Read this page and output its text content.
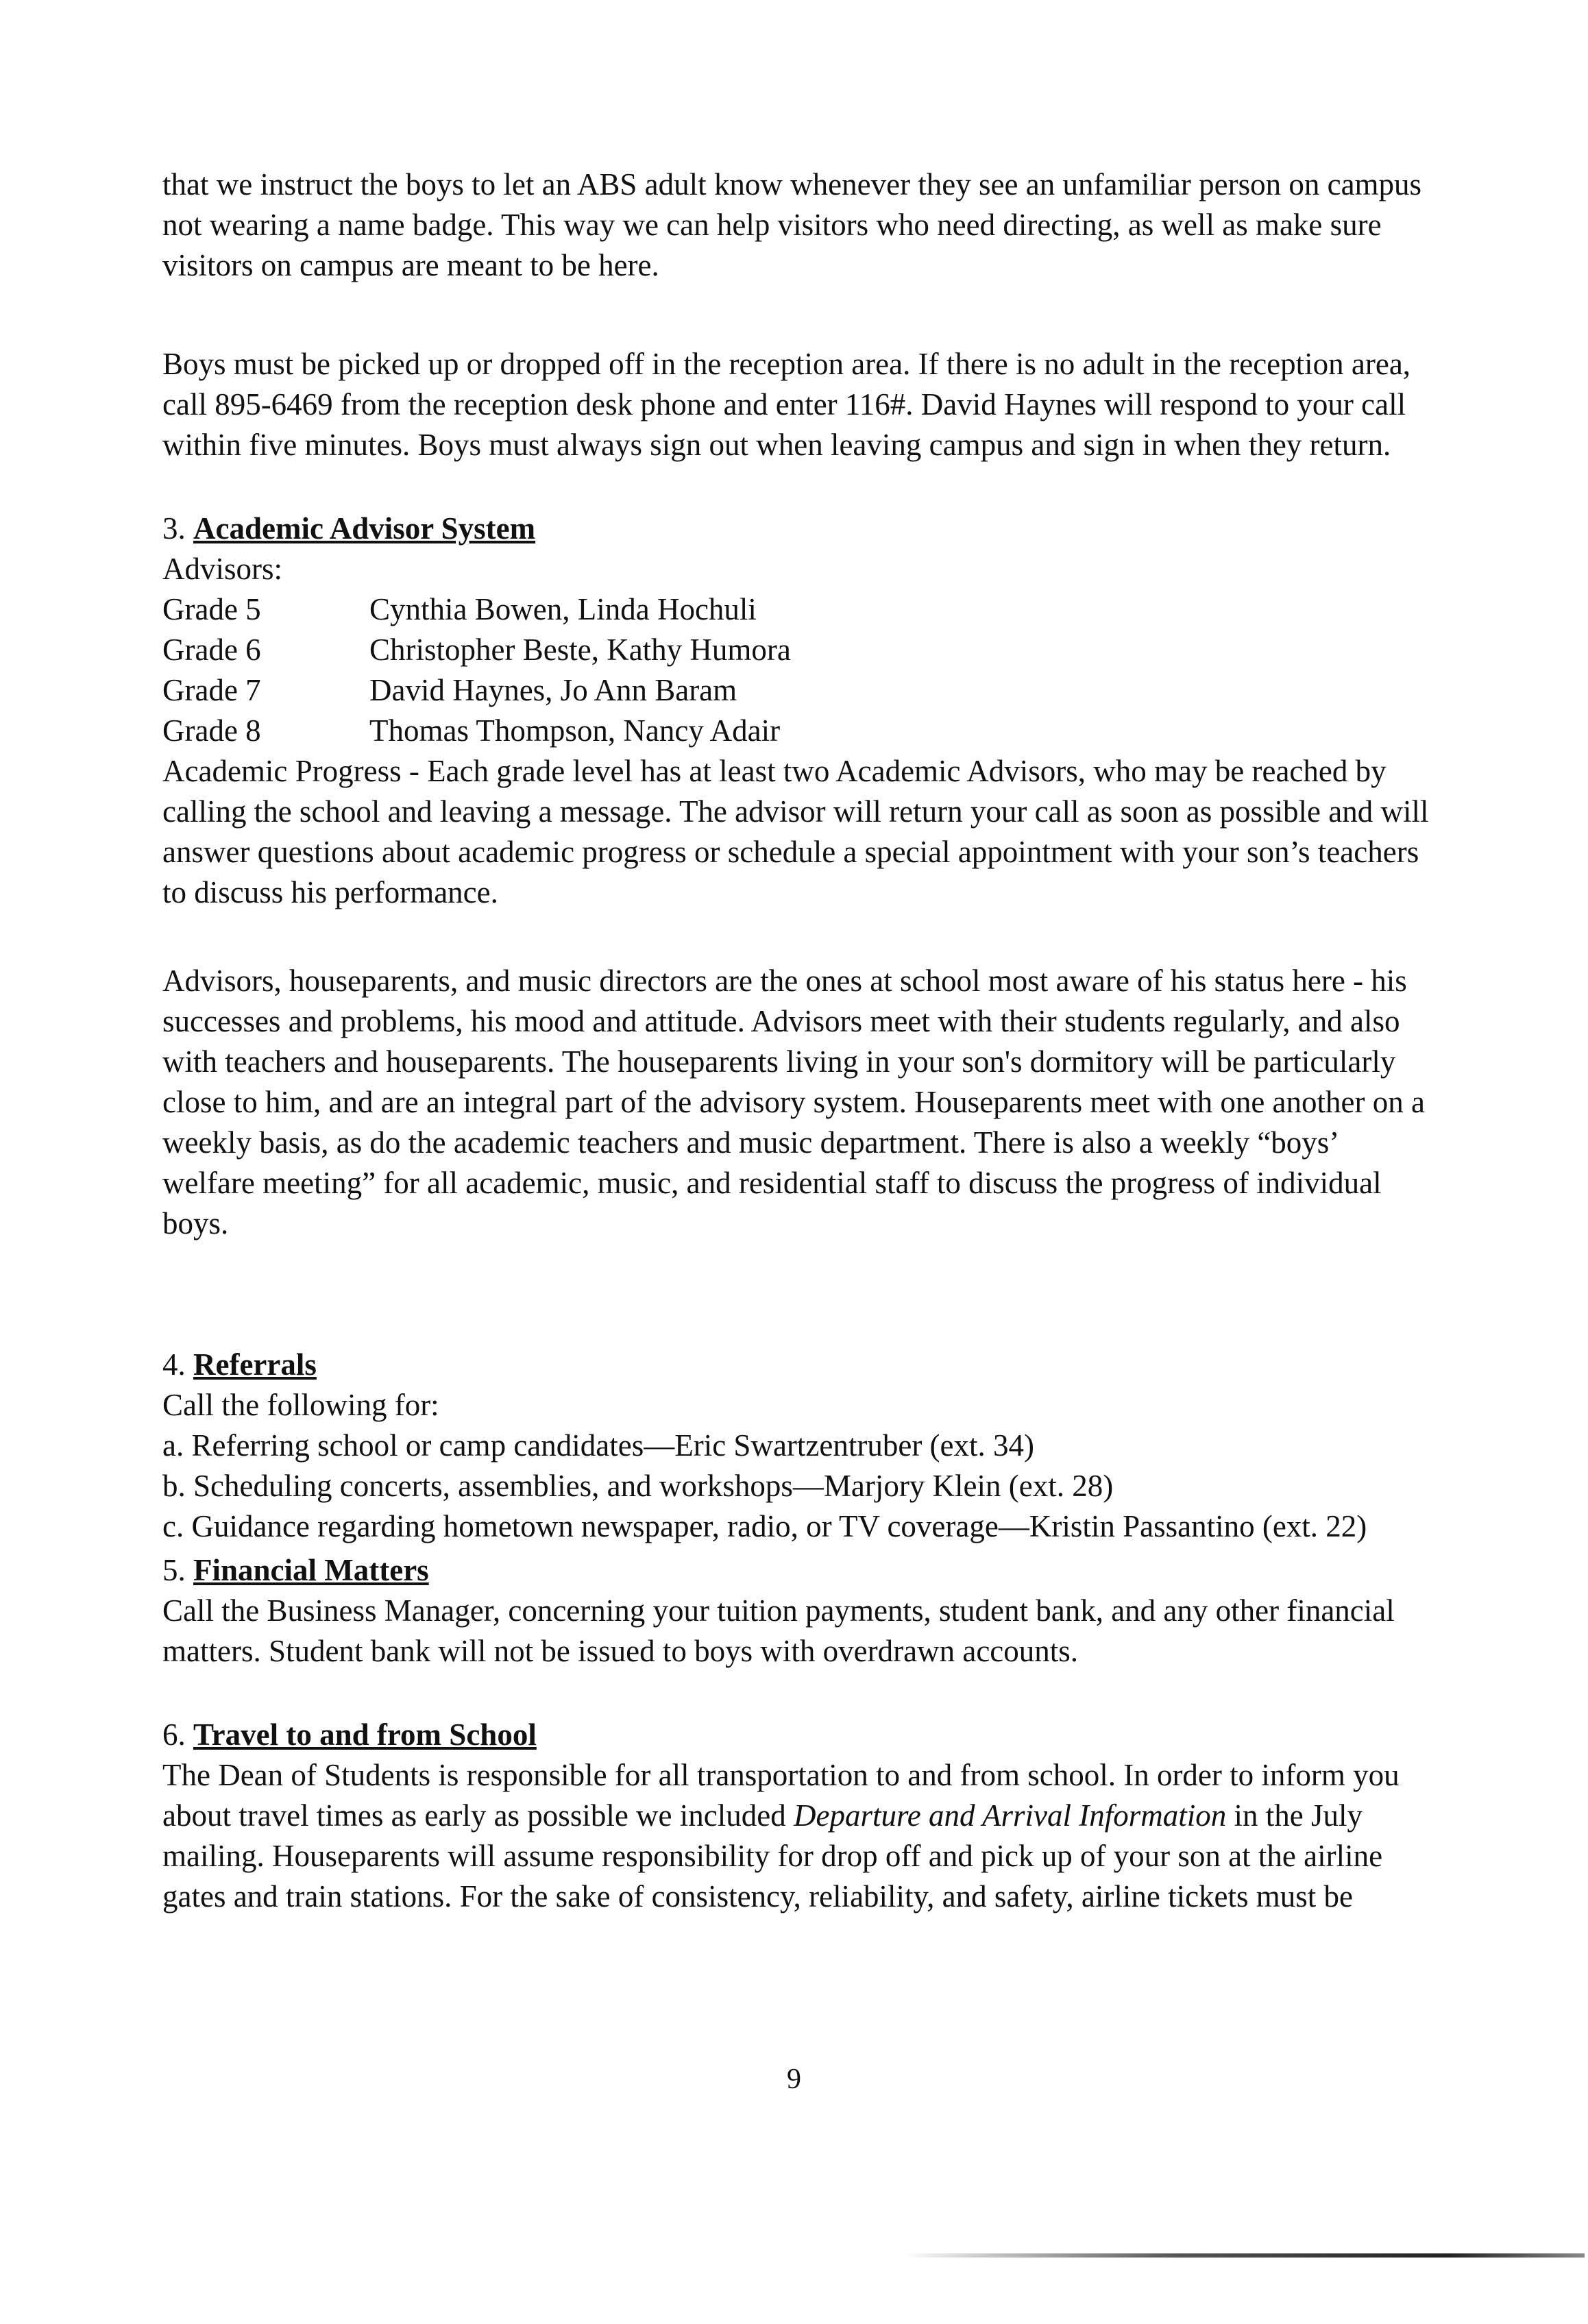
that we instruct the boys to let an ABS adult know whenever they see an unfamiliar person on campus

not wearing a name badge. This way we can help visitors who need directing, as well as make sure

visitors on campus are meant to be here.

Boys must be picked up or dropped off in the reception area. If there is no adult in the reception area,

call 895-6469 from the reception desk phone and enter 116#. David Haynes will respond to your call

within five minutes. Boys must always sign out when leaving campus and sign in when they return.

3. Academic Advisor System

Advisors:

Grade 5	Cynthia Bowen, Linda Hochuli
Grade 6	Christopher Beste, Kathy Humora
Grade 7	David Haynes, Jo Ann Baram
Grade 8	Thomas Thompson, Nancy Adair

Academic Progress - Each grade level has at least two Academic Advisors, who may be reached by

calling the school and leaving a message. The advisor will return your call as soon as possible and will

answer questions about academic progress or schedule a special appointment with your son’s teachers

to discuss his performance.

Advisors, houseparents, and music directors are the ones at school most aware of his status here - his

successes and problems, his mood and attitude. Advisors meet with their students regularly, and also

with teachers and houseparents. The houseparents living in your son's dormitory will be particularly

close to him, and are an integral part of the advisory system. Houseparents meet with one another on a

weekly basis, as do the academic teachers and music department. There is also a weekly “boys’

welfare meeting” for all academic, music, and residential staff to discuss the progress of individual

boys.

4. Referrals

Call the following for:

a. Referring school or camp candidates—Eric Swartzentruber (ext. 34)

b. Scheduling concerts, assemblies, and workshops—Marjory Klein (ext. 28)

c. Guidance regarding hometown newspaper, radio, or TV coverage—Kristin Passantino (ext. 22)

5. Financial Matters

Call the Business Manager, concerning your tuition payments, student bank, and any other financial

matters. Student bank will not be issued to boys with overdrawn accounts.

6. Travel to and from School

The Dean of Students is responsible for all transportation to and from school. In order to inform you

about travel times as early as possible we included Departure and Arrival Information in the July

mailing. Houseparents will assume responsibility for drop off and pick up of your son at the airline

gates and train stations. For the sake of consistency, reliability, and safety, airline tickets must be

9
